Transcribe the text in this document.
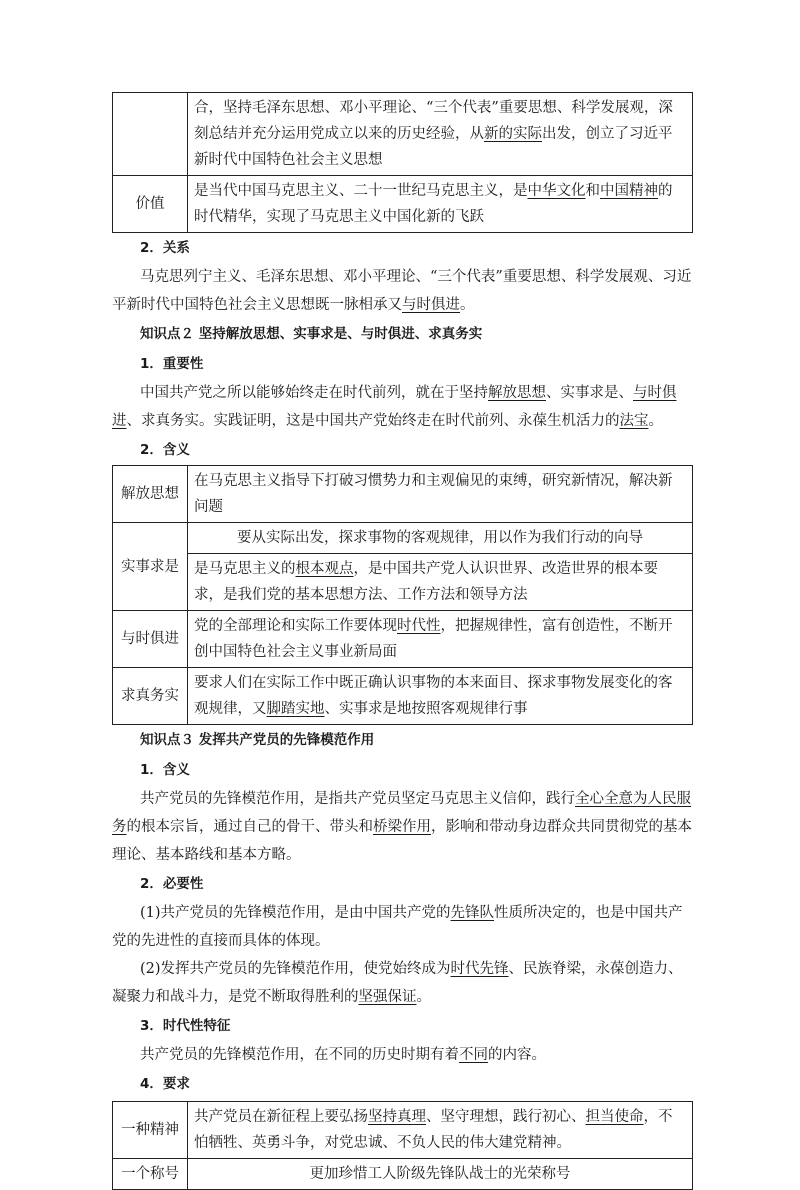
	合，坚持毛泽东思想、邓小平理论、“三个代表”重要思想、科学发展观，深刻总结并充分运用党成立以来的历史经验，从新的实际出发，创立了习近平新时代中国特色社会主义思想
价值	是当代中国马克思主义、二十一世纪马克思主义，是中华文化和中国精神的时代精华，实现了马克思主义中国化新的飞跃

2．关系

马克思列宁主义、毛泽东思想、邓小平理论、“三个代表”重要思想、科学发展观、习近平新时代中国特色社会主义思想既一脉相承又与时俱进。

知识点２ 坚持解放思想、实事求是、与时俱进、求真务实

1．重要性

中国共产党之所以能够始终走在时代前列，就在于坚持解放思想、实事求是、与时俱进、求真务实。实践证明，这是中国共产党始终走在时代前列、永葆生机活力的法宝。

2．含义

解放思想	在马克思主义指导下打破习惯势力和主观偏见的束缚，研究新情况，解决新问题
实事求是	要从实际出发，探求事物的客观规律，用以作为我们行动的向导
	是马克思主义的根本观点，是中国共产党人认识世界、改造世界的根本要求，是我们党的基本思想方法、工作方法和领导方法
与时俱进	党的全部理论和实际工作要体现时代性，把握规律性，富有创造性，不断开创中国特色社会主义事业新局面
求真务实	要求人们在实际工作中既正确认识事物的本来面目、探求事物发展变化的客观规律，又脚踏实地、实事求是地按照客观规律行事

知识点３ 发挥共产党员的先锋模范作用

1．含义

共产党员的先锋模范作用，是指共产党员坚定马克思主义信仰，践行全心全意为人民服务的根本宗旨，通过自己的骨干、带头和桥梁作用，影响和带动身边群众共同贯彻党的基本理论、基本路线和基本方略。

2．必要性

(1)共产党员的先锋模范作用，是由中国共产党的先锋队性质所决定的，也是中国共产党的先进性的直接而具体的体现。

(2)发挥共产党员的先锋模范作用，使党始终成为时代先锋、民族脊梁，永葆创造力、凝聚力和战斗力，是党不断取得胜利的坚强保证。

3．时代性特征

共产党员的先锋模范作用，在不同的历史时期有着不同的内容。

4．要求

一种精神	共产党员在新征程上要弘扬坚持真理、坚守理想，践行初心、担当使命，不怕牺牲、英勇斗争，对党忠诚、不负人民的伟大建党精神。
一个称号	更加珍惜工人阶级先锋队战士的光荣称号
